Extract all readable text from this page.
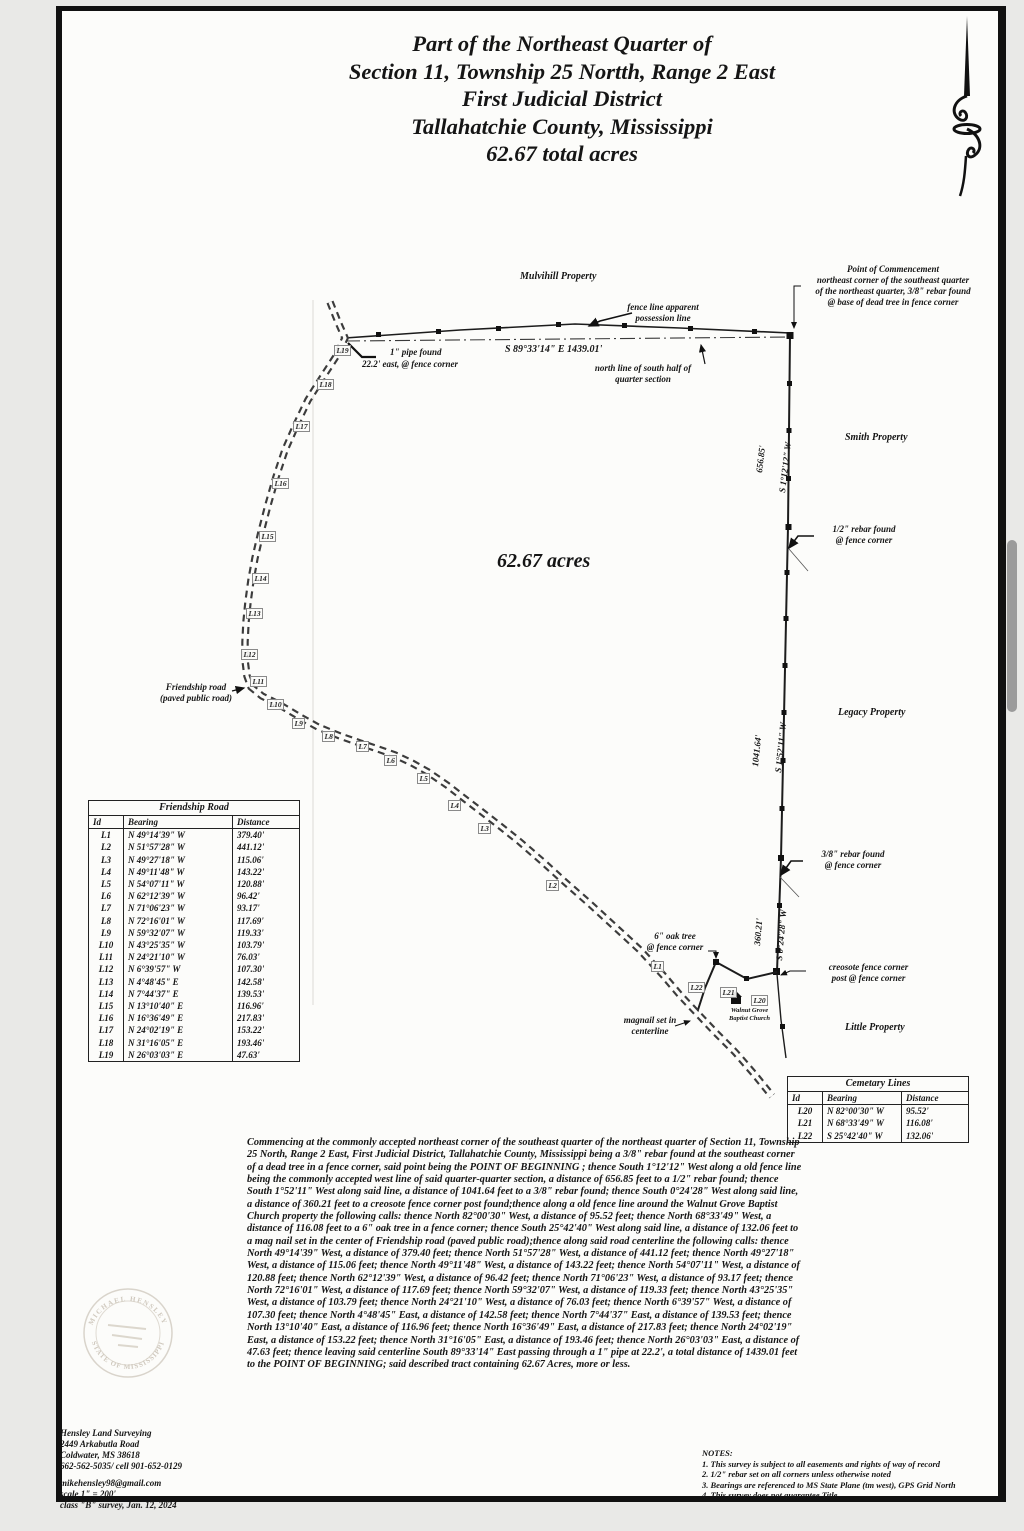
MICHAEL HENSLEY
STATE OF MISSISSIPPI
Part of the Northeast Quarter of
Section 11, Township 25 Nortth, Range 2 East
First Judicial District
Tallahatchie County, Mississippi
62.67 total acres
Mulvihill Property
Point of Commencement
northeast corner of the southeast quarter
of the northeast quarter, 3/8" rebar found
@ base of dead tree in fence corner
fence line apparent
possession line
S 89°33'14" E 1439.01'
1" pipe found
22.2' east, @ fence corner	north line of south half of
quarter section
Smith Property
Legacy Property
Little Property
62.67 acres
656.85' S 1°12'12" W
1041.64' S 1°52'11" W
360.21' S 0°24'28" W
1/2" rebar found
@ fence corner
3/8" rebar found
@ fence corner
6" oak tree
@ fence corner
creosote fence corner
post @ fence corner
magnail set in
centerline
Walnut Grove
Baptist Church
Friendship road
(paved public road)
L1
L2
L3
L4
L5
L6
L7
L8
L9
L10
L11
L12
L13
L14
L15
L16
L17
L18
L19
L20
L21
L22
Friendship Road		
Id	Bearing	Distance
L1	N 49°14'39" W	379.40'
L2	N 51°57'28" W	441.12'
L3	N 49°27'18" W	115.06'
L4	N 49°11'48" W	143.22'
L5	N 54°07'11" W	120.88'
L6	N 62°12'39" W	96.42'
L7	N 71°06'23" W	93.17'
L8	N 72°16'01" W	117.69'
L9	N 59°32'07" W	119.33'
L10	N 43°25'35" W	103.79'
L11	N 24°21'10" W	76.03'
L12	N 6°39'57" W	107.30'
L13	N 4°48'45" E	142.58'
L14	N 7°44'37" E	139.53'
L15	N 13°10'40" E	116.96'
L16	N 16°36'49" E	217.83'
L17	N 24°02'19" E	153.22'
L18	N 31°16'05" E	193.46'
L19	N 26°03'03" E	47.63'
Cemetary Lines		
Id	Bearing	Distance
L20	N 82°00'30" W	95.52'
L21	N 68°33'49" W	116.08'
L22	S 25°42'40" W	132.06'
Commencing at the commonly accepted northeast corner of the southeast quarter of the northeast quarter of Section 11, Township 25 North, Range 2 East, First Judicial District, Tallahatchie County, Mississippi being a 3/8" rebar found at the southeast corner of a dead tree in a fence corner, said point being the POINT OF BEGINNING ; thence South 1°12'12" West along a old fence line being the commonly accepted west line of said quarter-quarter section, a distance of 656.85 feet to a 1/2" rebar found; thence South 1°52'11" West along said line, a distance of 1041.64 feet to a 3/8" rebar found; thence South 0°24'28" West along said line, a distance of 360.21 feet to a creosote fence corner post found;thence along a old fence line around the Walnut Grove Baptist Church property the following calls: thence North 82°00'30" West, a distance of 95.52 feet; thence North 68°33'49" West, a distance of 116.08 feet to a 6" oak tree in a fence corner; thence South 25°42'40" West along said line, a distance of 132.06 feet to a mag nail set in the center of Friendship road (paved public road);thence along said road centerline the following calls: thence North 49°14'39" West, a distance of 379.40 feet; thence North 51°57'28" West, a distance of 441.12 feet; thence North 49°27'18" West, a distance of 115.06 feet; thence North 49°11'48" West, a distance of 143.22 feet; thence North 54°07'11" West, a distance of 120.88 feet; thence North 62°12'39" West, a distance of 96.42 feet; thence North 71°06'23" West, a distance of 93.17 feet; thence North 72°16'01" West, a distance of 117.69 feet; thence North 59°32'07" West, a distance of 119.33 feet; thence North 43°25'35" West, a distance of 103.79 feet; thence North 24°21'10" West, a distance of 76.03 feet; thence North 6°39'57" West, a distance of 107.30 feet; thence North 4°48'45" East, a distance of 142.58 feet; thence North 7°44'37" East, a distance of 139.53 feet; thence North 13°10'40" East, a distance of 116.96 feet; thence North 16°36'49" East, a distance of 217.83 feet; thence North 24°02'19" East, a distance of 153.22 feet; thence North 31°16'05" East, a distance of 193.46 feet; thence North 26°03'03" East, a distance of 47.63 feet; thence leaving said centerline South 89°33'14" East passing through a 1" pipe at 22.2', a total distance of 1439.01 feet to the POINT OF BEGINNING; said described tract containing 62.67 Acres, more or less.
Hensley Land Surveying
2449 Arkabutla Road
Coldwater, MS 38618
662-562-5035/ cell 901-652-0129
mikehensley98@gmail.com
scale 1" = 200'
class "B" survey, Jan. 12, 2024
NOTES:
1. This survey is subject to all easements and rights of way of record
2. 1/2" rebar set on all corners unless otherwise noted
3. Bearings are referenced to MS State Plane (tm west), GPS Grid North
4. This survey does not guarantee Title
